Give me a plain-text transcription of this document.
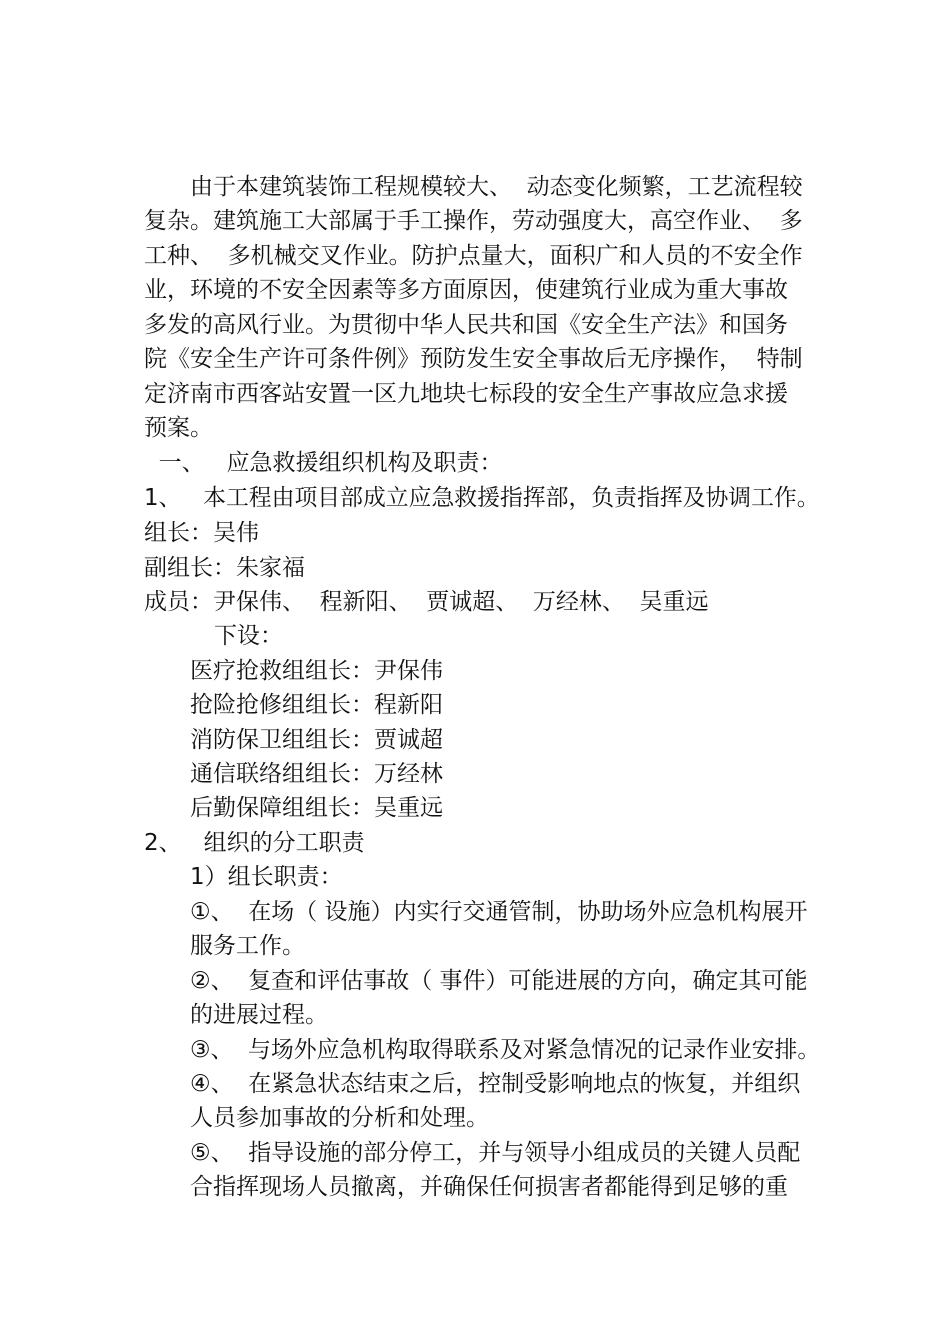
由于本建筑装饰工程规模较大、  动态变化频繁，工艺流程较
复杂。建筑施工大部属于手工操作，劳动强度大，高空作业、  多
工种、  多机械交叉作业。防护点量大，面积广和人员的不安全作
业，环境的不安全因素等多方面原因，使建筑行业成为重大事故
多发的高风行业。为贯彻中华人民共和国《安全生产法》和国务
院《安全生产许可条件例》预防发生安全事故后无序操作，  特制
定济南市西客站安置一区九地块七标段的安全生产事故应急求援
预案。
一、   应急救援组织机构及职责：
1、   本工程由项目部成立应急救援指挥部，负责指挥及协调工作。
组长：吴伟
副组长：朱家福
成员：尹保伟、  程新阳、  贾诚超、  万经林、  吴重远
下设：
医疗抢救组组长：尹保伟
抢险抢修组组长：程新阳
消防保卫组组长：贾诚超
通信联络组组长：万经林
后勤保障组组长：吴重远
2、   组织的分工职责
1）组长职责：
①、  在场（ 设施）内实行交通管制，协助场外应急机构展开
服务工作。
②、  复查和评估事故（ 事件）可能进展的方向，确定其可能
的进展过程。
③、  与场外应急机构取得联系及对紧急情况的记录作业安排。
④、  在紧急状态结束之后，控制受影响地点的恢复，并组织
人员参加事故的分析和处理。
⑤、  指导设施的部分停工，并与领导小组成员的关键人员配
合指挥现场人员撤离，并确保任何损害者都能得到足够的重
